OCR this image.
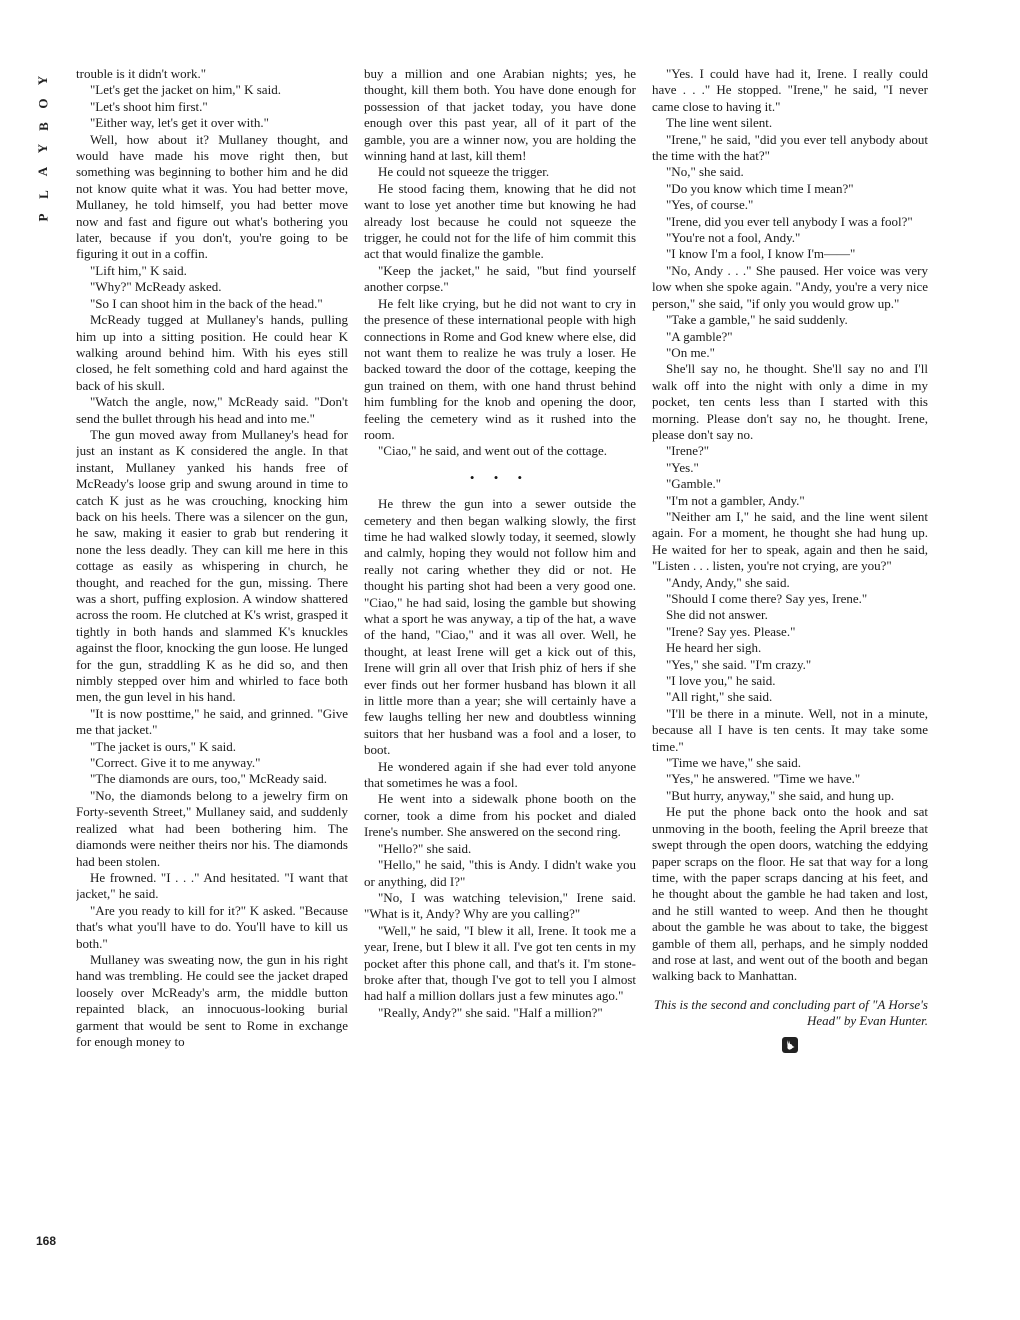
Y
O
B
Y
A
L
P
168

trouble is it didn't work."

"Let's get the jacket on him," K said.

"Let's shoot him first."

"Either way, let's get it over with."

Well, how about it? Mullaney thought, and would have made his move right then, but something was beginning to bother him and he did not know quite what it was. You had better move, Mullaney, he told himself, you had better move now and fast and figure out what's bothering you later, because if you don't, you're going to be figuring it out in a coffin.

"Lift him," K said.

"Why?" McReady asked.

"So I can shoot him in the back of the head."

McReady tugged at Mullaney's hands, pulling him up into a sitting position. He could hear K walking around behind him. With his eyes still closed, he felt something cold and hard against the back of his skull.

"Watch the angle, now," McReady said. "Don't send the bullet through his head and into me."

The gun moved away from Mullaney's head for just an instant as K considered the angle. In that instant, Mullaney yanked his hands free of McReady's loose grip and swung around in time to catch K just as he was crouching, knocking him back on his heels. There was a silencer on the gun, he saw, making it easier to grab but rendering it none the less deadly. They can kill me here in this cottage as easily as whispering in church, he thought, and reached for the gun, missing. There was a short, puffing explosion. A window shattered across the room. He clutched at K's wrist, grasped it tightly in both hands and slammed K's knuckles against the floor, knocking the gun loose. He lunged for the gun, straddling K as he did so, and then nimbly stepped over him and whirled to face both men, the gun level in his hand.

"It is now posttime," he said, and grinned. "Give me that jacket."

"The jacket is ours," K said.

"Correct. Give it to me anyway."

"The diamonds are ours, too," McReady said.

"No, the diamonds belong to a jewelry firm on Forty-seventh Street," Mullaney said, and suddenly realized what had been bothering him. The diamonds were neither theirs nor his. The diamonds had been stolen.

He frowned. "I . . ." And hesitated. "I want that jacket," he said.

"Are you ready to kill for it?" K asked. "Because that's what you'll have to do. You'll have to kill us both."

Mullaney was sweating now, the gun in his right hand was trembling. He could see the jacket draped loosely over McReady's arm, the middle button repainted black, an innocuous-looking burial garment that would be sent to Rome in exchange for enough money to

buy a million and one Arabian nights; yes, he thought, kill them both. You have done enough for possession of that jacket today, you have done enough over this past year, all of it part of the gamble, you are a winner now, you are holding the winning hand at last, kill them!

He could not squeeze the trigger.

He stood facing them, knowing that he did not want to lose yet another time but knowing he had already lost because he could not squeeze the trigger, he could not for the life of him commit this act that would finalize the gamble.

"Keep the jacket," he said, "but find yourself another corpse."

He felt like crying, but he did not want to cry in the presence of these international people with high connections in Rome and God knew where else, did not want them to realize he was truly a loser. He backed toward the door of the cottage, keeping the gun trained on them, with one hand thrust behind him fumbling for the knob and opening the door, feeling the cemetery wind as it rushed into the room.

"Ciao," he said, and went out of the cottage.

• • •

He threw the gun into a sewer outside the cemetery and then began walking slowly, the first time he had walked slowly today, it seemed, slowly and calmly, hoping they would not follow him and really not caring whether they did or not. He thought his parting shot had been a very good one. "Ciao," he had said, losing the gamble but showing what a sport he was anyway, a tip of the hat, a wave of the hand, "Ciao," and it was all over. Well, he thought, at least Irene will get a kick out of this, Irene will grin all over that Irish phiz of hers if she ever finds out her former husband has blown it all in little more than a year; she will certainly have a few laughs telling her new and doubtless winning suitors that her husband was a fool and a loser, to boot.

He wondered again if she had ever told anyone that sometimes he was a fool.

He went into a sidewalk phone booth on the corner, took a dime from his pocket and dialed Irene's number. She answered on the second ring.

"Hello?" she said.

"Hello," he said, "this is Andy. I didn't wake you or anything, did I?"

"No, I was watching television," Irene said. "What is it, Andy? Why are you calling?"

"Well," he said, "I blew it all, Irene. It took me a year, Irene, but I blew it all. I've got ten cents in my pocket after this phone call, and that's it. I'm stone-broke after that, though I've got to tell you I almost had half a million dollars just a few minutes ago."

"Really, Andy?" she said. "Half a million?"

"Yes. I could have had it, Irene. I really could have . . ." He stopped. "Irene," he said, "I never came close to having it."

The line went silent.

"Irene," he said, "did you ever tell anybody about the time with the hat?"

"No," she said.

"Do you know which time I mean?"

"Yes, of course."

"Irene, did you ever tell anybody I was a fool?"

"You're not a fool, Andy."

"I know I'm a fool, I know I'm——"

"No, Andy . . ." She paused. Her voice was very low when she spoke again. "Andy, you're a very nice person," she said, "if only you would grow up."

"Take a gamble," he said suddenly.

"A gamble?"

"On me."

She'll say no, he thought. She'll say no and I'll walk off into the night with only a dime in my pocket, ten cents less than I started with this morning. Please don't say no, he thought. Irene, please don't say no.

"Irene?"

"Yes."

"Gamble."

"I'm not a gambler, Andy."

"Neither am I," he said, and the line went silent again. For a moment, he thought she had hung up. He waited for her to speak, again and then he said, "Listen . . . listen, you're not crying, are you?"

"Andy, Andy," she said.

"Should I come there? Say yes, Irene."

She did not answer.

"Irene? Say yes. Please."

He heard her sigh.

"Yes," she said. "I'm crazy."

"I love you," he said.

"All right," she said.

"I'll be there in a minute. Well, not in a minute, because all I have is ten cents. It may take some time."

"Time we have," she said.

"Yes," he answered. "Time we have."

"But hurry, anyway," she said, and hung up.

He put the phone back onto the hook and sat unmoving in the booth, feeling the April breeze that swept through the open doors, watching the eddying paper scraps on the floor. He sat that way for a long time, with the paper scraps dancing at his feet, and he thought about the gamble he had taken and lost, and he still wanted to weep. And then he thought about the gamble he was about to take, the biggest gamble of them all, perhaps, and he simply nodded and rose at last, and went out of the booth and began walking back to Manhattan.

This is the second and concluding part of "A Horse's Head" by Evan Hunter.
